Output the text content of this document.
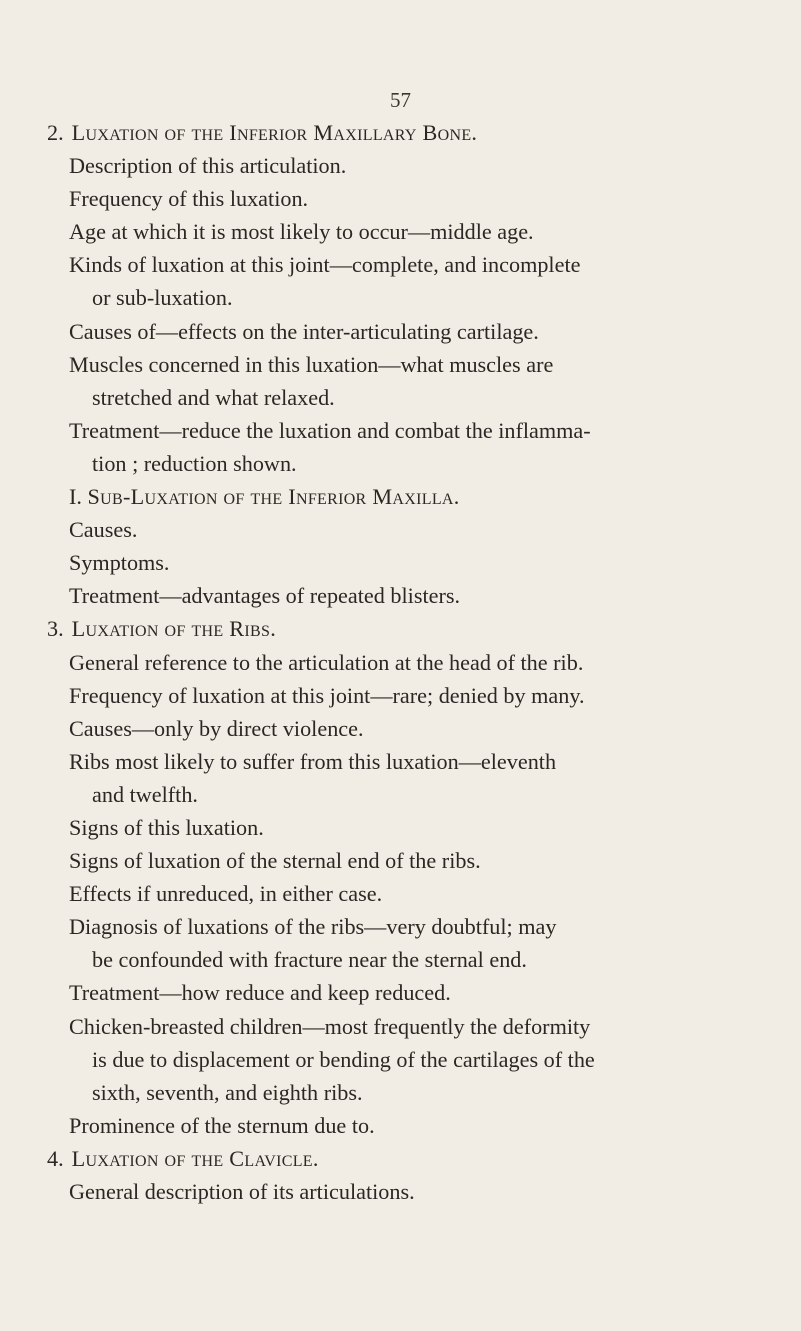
57
2. Luxation of the Inferior Maxillary Bone.
Description of this articulation.
Frequency of this luxation.
Age at which it is most likely to occur—middle age.
Kinds of luxation at this joint—complete, and incomplete
or sub-luxation.
Causes of—effects on the inter-articulating cartilage.
Muscles concerned in this luxation—what muscles are
stretched and what relaxed.
Treatment—reduce the luxation and combat the inflamma-
tion ; reduction shown.
I. Sub-Luxation of the Inferior Maxilla.
Causes.
Symptoms.
Treatment—advantages of repeated blisters.
3. Luxation of the Ribs.
General reference to the articulation at the head of the rib.
Frequency of luxation at this joint—rare; denied by many.
Causes—only by direct violence.
Ribs most likely to suffer from this luxation—eleventh
and twelfth.
Signs of this luxation.
Signs of luxation of the sternal end of the ribs.
Effects if unreduced, in either case.
Diagnosis of luxations of the ribs—very doubtful; may
be confounded with fracture near the sternal end.
Treatment—how reduce and keep reduced.
Chicken-breasted children—most frequently the deformity
is due to displacement or bending of the cartilages of the
sixth, seventh, and eighth ribs.
Prominence of the sternum due to.
4. Luxation of the Clavicle.
General description of its articulations.
